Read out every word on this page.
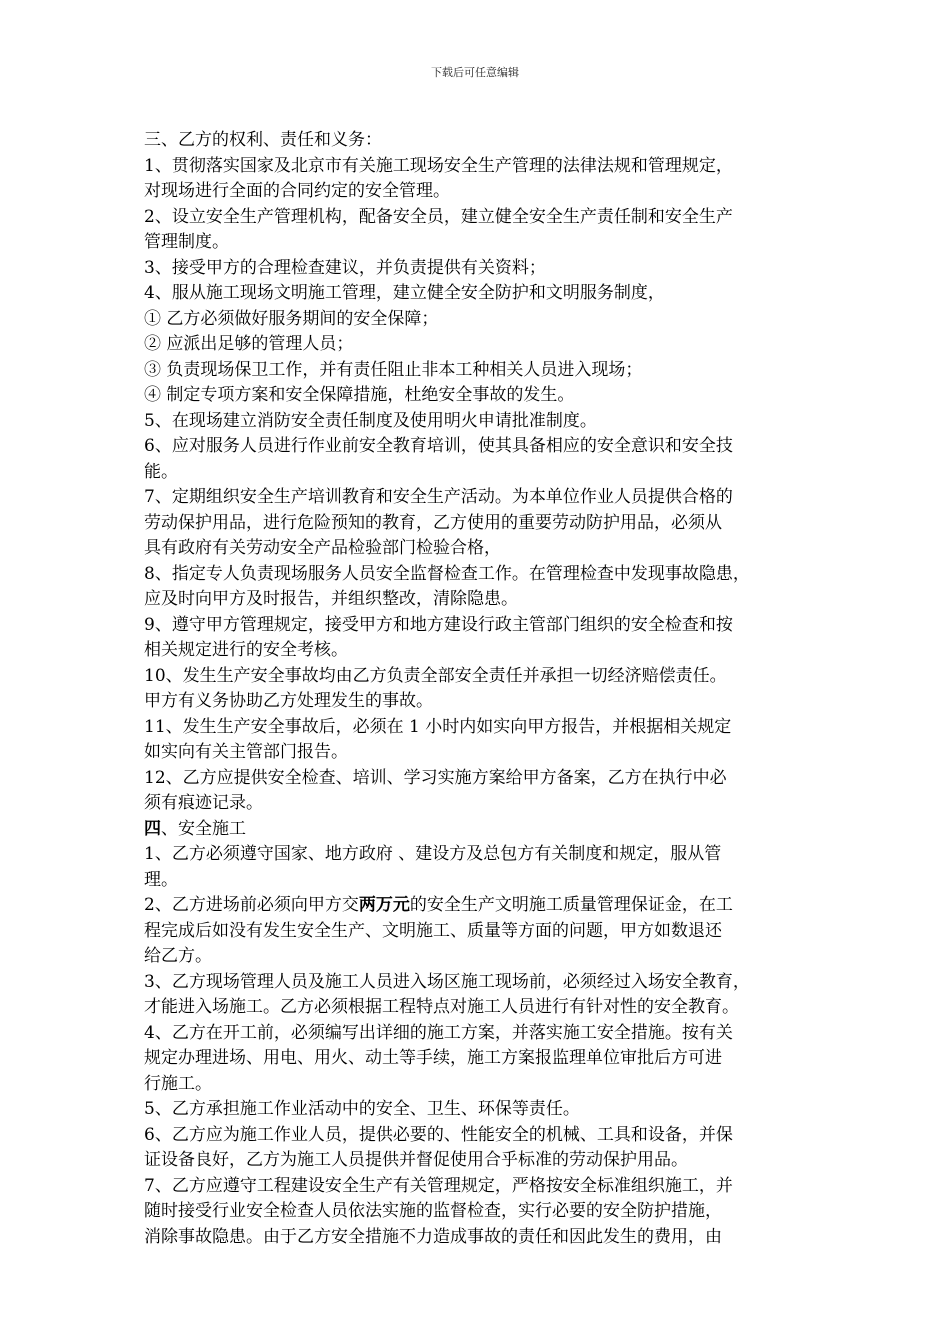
下载后可任意编辑
三、乙方的权利、责任和义务：
1、贯彻落实国家及北京市有关施工现场安全生产管理的法律法规和管理规定，
对现场进行全面的合同约定的安全管理。
2、设立安全生产管理机构，配备安全员，建立健全安全生产责任制和安全生产
管理制度。
3、接受甲方的合理检查建议，并负责提供有关资料；
4、服从施工现场文明施工管理，建立健全安全防护和文明服务制度，
① 乙方必须做好服务期间的安全保障；
② 应派出足够的管理人员；
③ 负责现场保卫工作，并有责任阻止非本工种相关人员进入现场；
④ 制定专项方案和安全保障措施，杜绝安全事故的发生。
5、在现场建立消防安全责任制度及使用明火申请批准制度。
6、应对服务人员进行作业前安全教育培训，使其具备相应的安全意识和安全技
能。
7、定期组织安全生产培训教育和安全生产活动。为本单位作业人员提供合格的
劳动保护用品，进行危险预知的教育，乙方使用的重要劳动防护用品，必须从
具有政府有关劳动安全产品检验部门检验合格，
8、指定专人负责现场服务人员安全监督检查工作。在管理检查中发现事故隐患，
应及时向甲方及时报告，并组织整改，清除隐患。
9、遵守甲方管理规定，接受甲方和地方建设行政主管部门组织的安全检查和按
相关规定进行的安全考核。
10、发生生产安全事故均由乙方负责全部安全责任并承担一切经济赔偿责任。
甲方有义务协助乙方处理发生的事故。
11、发生生产安全事故后，必须在 1 小时内如实向甲方报告，并根据相关规定
如实向有关主管部门报告。
12、乙方应提供安全检查、培训、学习实施方案给甲方备案，乙方在执行中必
须有痕迹记录。
四、安全施工
1、乙方必须遵守国家、地方政府 、建设方及总包方有关制度和规定，服从管
理。
2、乙方进场前必须向甲方交两万元的安全生产文明施工质量管理保证金，在工
程完成后如没有发生安全生产、文明施工、质量等方面的问题，甲方如数退还
给乙方。
3、乙方现场管理人员及施工人员进入场区施工现场前，必须经过入场安全教育，
才能进入场施工。乙方必须根据工程特点对施工人员进行有针对性的安全教育。
4、乙方在开工前，必须编写出详细的施工方案，并落实施工安全措施。按有关
规定办理进场、用电、用火、动土等手续，施工方案报监理单位审批后方可进
行施工。
5、乙方承担施工作业活动中的安全、卫生、环保等责任。
6、乙方应为施工作业人员，提供必要的、性能安全的机械、工具和设备，并保
证设备良好，乙方为施工人员提供并督促使用合乎标准的劳动保护用品。
7、乙方应遵守工程建设安全生产有关管理规定，严格按安全标准组织施工，并
随时接受行业安全检查人员依法实施的监督检查，实行必要的安全防护措施，
消除事故隐患。由于乙方安全措施不力造成事故的责任和因此发生的费用，由
